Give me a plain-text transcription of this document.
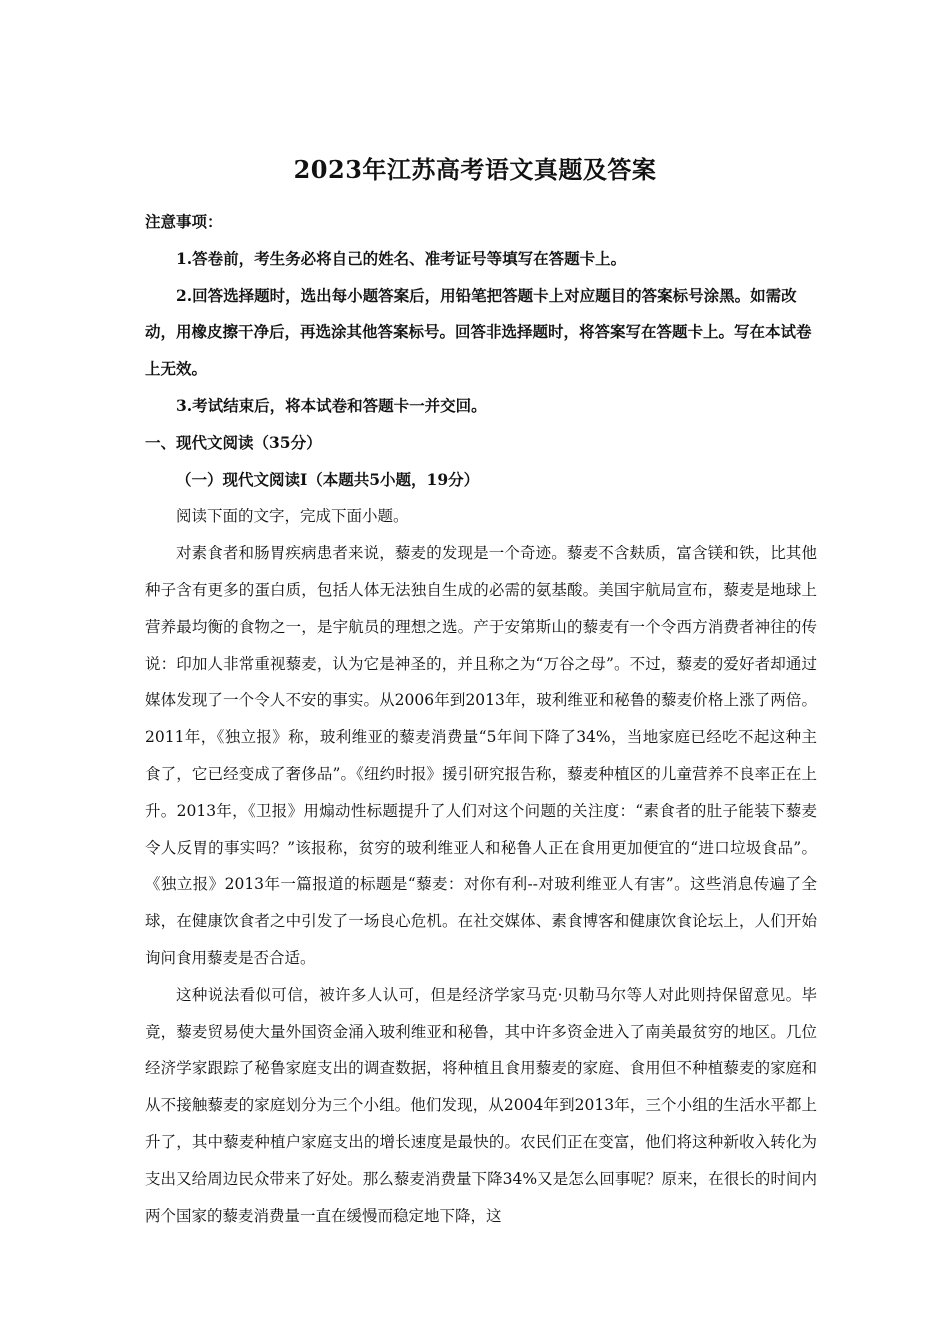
2023年江苏高考语文真题及答案

注意事项：

1.答卷前，考生务必将自己的姓名、准考证号等填写在答题卡上。

2.回答选择题时，选出每小题答案后，用铅笔把答题卡上对应题目的答案标号涂黑。如需改动，用橡皮擦干净后，再选涂其他答案标号。回答非选择题时，将答案写在答题卡上。写在本试卷上无效。

3.考试结束后，将本试卷和答题卡一并交回。

一、现代文阅读（35分）

（一）现代文阅读Ⅰ（本题共5小题，19分）

阅读下面的文字，完成下面小题。

对素食者和肠胃疾病患者来说，藜麦的发现是一个奇迹。藜麦不含麸质，富含镁和铁，比其他种子含有更多的蛋白质，包括人体无法独自生成的必需的氨基酸。美国宇航局宣布，藜麦是地球上营养最均衡的食物之一，是宇航员的理想之选。产于安第斯山的藜麦有一个令西方消费者神往的传说：印加人非常重视藜麦，认为它是神圣的，并且称之为“万谷之母”。不过，藜麦的爱好者却通过媒体发现了一个令人不安的事实。从2006年到2013年，玻利维亚和秘鲁的藜麦价格上涨了两倍。2011年，《独立报》称，玻利维亚的藜麦消费量“5年间下降了34%，当地家庭已经吃不起这种主食了，它已经变成了奢侈品”。《纽约时报》援引研究报告称，藜麦种植区的儿童营养不良率正在上升。2013年，《卫报》用煽动性标题提升了人们对这个问题的关注度：“素食者的肚子能装下藜麦令人反胃的事实吗？”该报称，贫穷的玻利维亚人和秘鲁人正在食用更加便宜的“进口垃圾食品”。《独立报》2013年一篇报道的标题是“藜麦：对你有利--对玻利维亚人有害”。这些消息传遍了全球，在健康饮食者之中引发了一场良心危机。在社交媒体、素食博客和健康饮食论坛上，人们开始询问食用藜麦是否合适。

这种说法看似可信，被许多人认可，但是经济学家马克·贝勒马尔等人对此则持保留意见。毕竟，藜麦贸易使大量外国资金涌入玻利维亚和秘鲁，其中许多资金进入了南美最贫穷的地区。几位经济学家跟踪了秘鲁家庭支出的调查数据，将种植且食用藜麦的家庭、食用但不种植藜麦的家庭和从不接触藜麦的家庭划分为三个小组。他们发现，从2004年到2013年，三个小组的生活水平都上升了，其中藜麦种植户家庭支出的增长速度是最快的。农民们正在变富，他们将这种新收入转化为支出又给周边民众带来了好处。那么藜麦消费量下降34%又是怎么回事呢？原来，在很长的时间内两个国家的藜麦消费量一直在缓慢而稳定地下降，这
